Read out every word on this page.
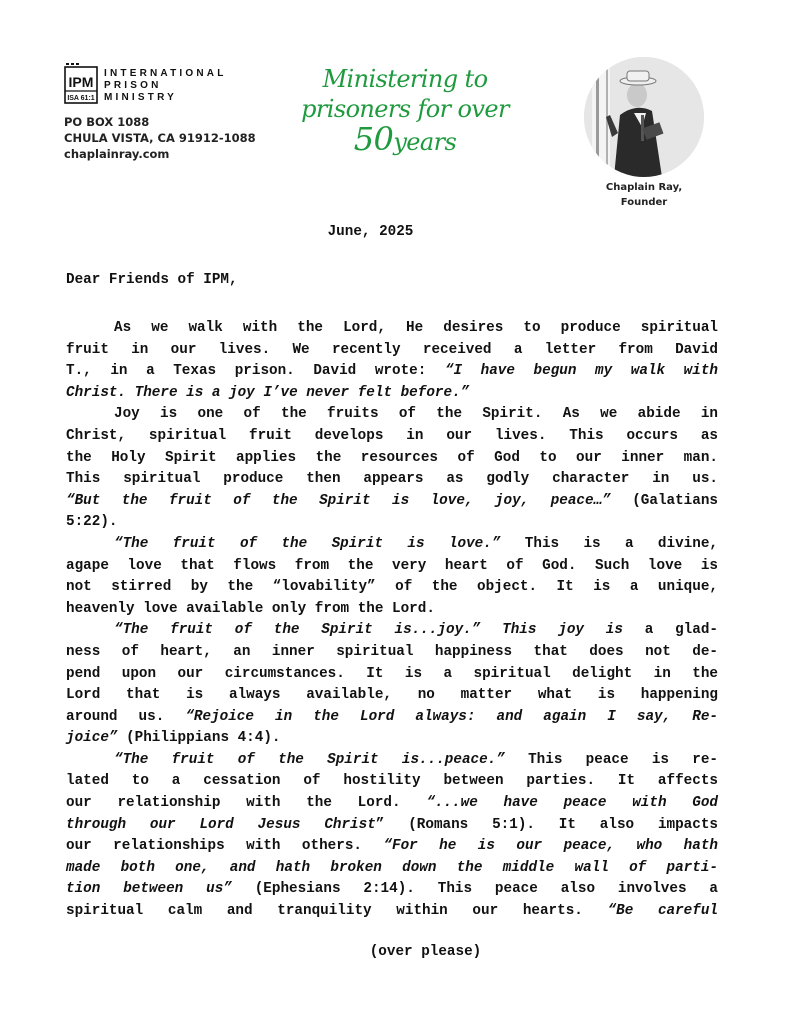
IPM
ISA 61:1
INTERNATIONAL
PRISON
MINISTRY
PO BOX 1088
CHULA VISTA, CA 91912-1088
chaplainray.com
Ministering to
prisoners for over
50years
Chaplain Ray,
Founder
June, 2025
Dear Friends of IPM,
As we walk with the Lord, He desires to produce spiritual
fruit in our lives. We recently received a letter from David
T., in a Texas prison. David wrote: “I have begun my walk with
Christ. There is a joy I’ve never felt before.”
Joy is one of the fruits of the Spirit. As we abide in
Christ, spiritual fruit develops in our lives. This occurs as
the Holy Spirit applies the resources of God to our inner man.
This spiritual produce then appears as godly character in us.
“But the fruit of the Spirit is love, joy, peace…” (Galatians
5:22).
“The fruit of the Spirit is love.” This is a divine,
agape love that flows from the very heart of God. Such love is
not stirred by the “lovability” of the object. It is a unique,
heavenly love available only from the Lord.
“The fruit of the Spirit is...joy.” This joy is a glad-
ness of heart, an inner spiritual happiness that does not de-
pend upon our circumstances. It is a spiritual delight in the
Lord that is always available, no matter what is happening
around us. “Rejoice in the Lord always: and again I say, Re-
joice” (Philippians 4:4).
“The fruit of the Spirit is...peace.” This peace is re-
lated to a cessation of hostility between parties. It affects
our relationship with the Lord. “...we have peace with God
through our Lord Jesus Christ” (Romans 5:1). It also impacts
our relationships with others. “For he is our peace, who hath
made both one, and hath broken down the middle wall of parti-
tion between us” (Ephesians 2:14). This peace also involves a
spiritual calm and tranquility within our hearts. “Be careful
(over please)
